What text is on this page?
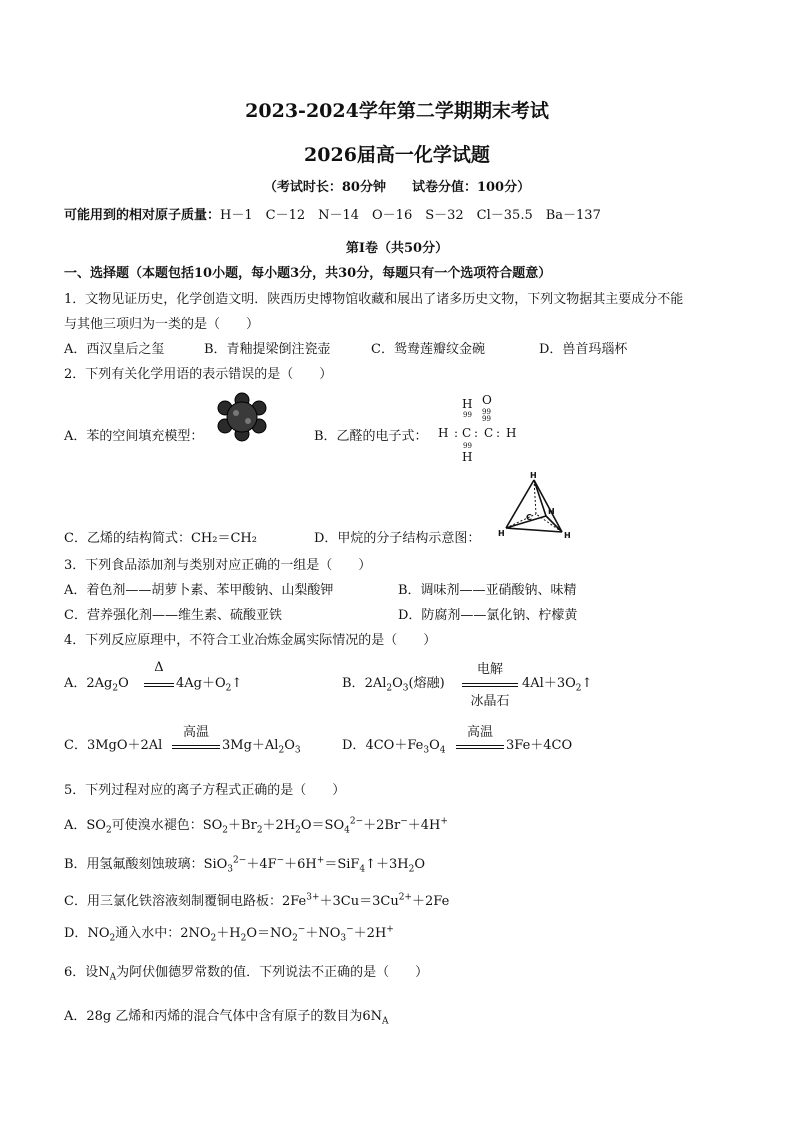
2023-2024学年第二学期期末考试
2026届高一化学试题
（考试时长：80分钟　　试卷分值：100分）
可能用到的相对原子质量：H－1　C－12　N－14　O－16　S－32　Cl－35.5　Ba－137
第Ⅰ卷（共50分）
一、选择题（本题包括10小题，每小题3分，共30分，每题只有一个选项符合题意）
1．文物见证历史，化学创造文明．陕西历史博物馆收藏和展出了诸多历史文物，下列文物据其主要成分不能
与其他三项归为一类的是（　　）
A．西汉皇后之玺	B．青釉提梁倒注瓷壶	C．鸳鸯莲瓣纹金碗	D．兽首玛瑙杯
2．下列有关化学用语的表示错误的是（　　）
A．苯的空间填充模型：	B．乙醛的电子式：
H O
99 99
99
H : C : C : H
99
H
C．乙烯的结构简式：CH₂＝CH₂	D．甲烷的分子结构示意图：
H
H	H
C
H
3．下列食品添加剂与类别对应正确的一组是（　　）
A．着色剂——胡萝卜素、苯甲酸钠、山梨酸钾	B．调味剂——亚硝酸钠、味精
C．营养强化剂——维生素、硫酸亚铁	D．防腐剂——氯化钠、柠檬黄
4．下列反应原理中，不符合工业冶炼金属实际情况的是（　　）
A．$2Ag_2O$
Δ
$4Ag+O_2↑$	B．$2Al_2O_3$(熔融)
电解
冰晶石
$4Al+3O_2↑$
C．3MgO＋2Al
高温
$3Mg+Al_2O_3$	D．$4CO+Fe_3O_4$
高温
3Fe＋4CO
5．下列过程对应的离子方程式正确的是（　　）
A．$SO_2$可使溴水褪色：$SO_2+Br_2+2H_2O=SO_4^{2-}+2Br^-+4H^+$
B．用氢氟酸刻蚀玻璃：$SiO_3^{2-}+4F^-+6H^+=SiF_4↑+3H_2O$
C．用三氯化铁溶液刻制覆铜电路板：$2Fe^{3+}+3Cu=3Cu^{2+}+2Fe$
D．$NO_2$通入水中：$2NO_2+H_2O=NO_2^-+NO_3^-+2H^+$
6．设$N_A$为阿伏伽德罗常数的值．下列说法不正确的是（　　）
A．28g 乙烯和丙烯的混合气体中含有原子的数目为$6N_A$
